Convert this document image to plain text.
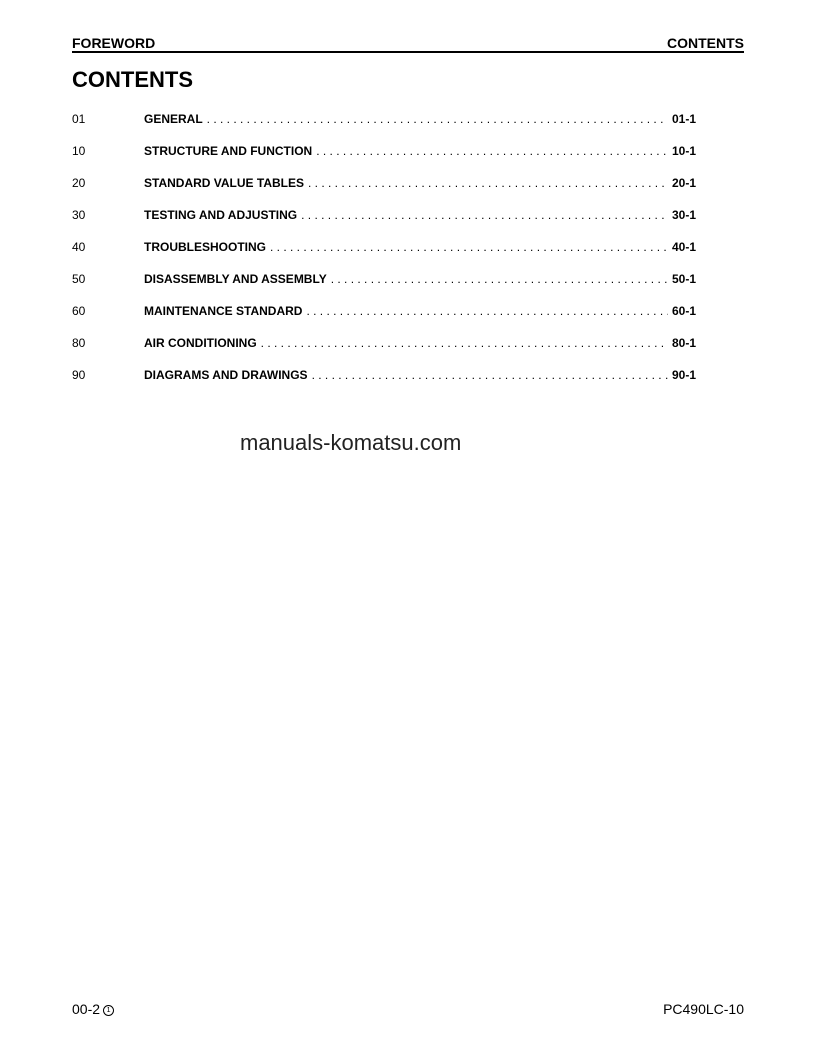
FOREWORD	CONTENTS
CONTENTS
01	GENERAL . . .	01-1
10	STRUCTURE AND FUNCTION . . .	10-1
20	STANDARD VALUE TABLES . . .	20-1
30	TESTING AND ADJUSTING . . .	30-1
40	TROUBLESHOOTING . . .	40-1
50	DISASSEMBLY AND ASSEMBLY . . .	50-1
60	MAINTENANCE STANDARD . . .	60-1
80	AIR CONDITIONING . . .	80-1
90	DIAGRAMS AND DRAWINGS . . .	90-1
manuals-komatsu.com
00-2 1	PC490LC-10
